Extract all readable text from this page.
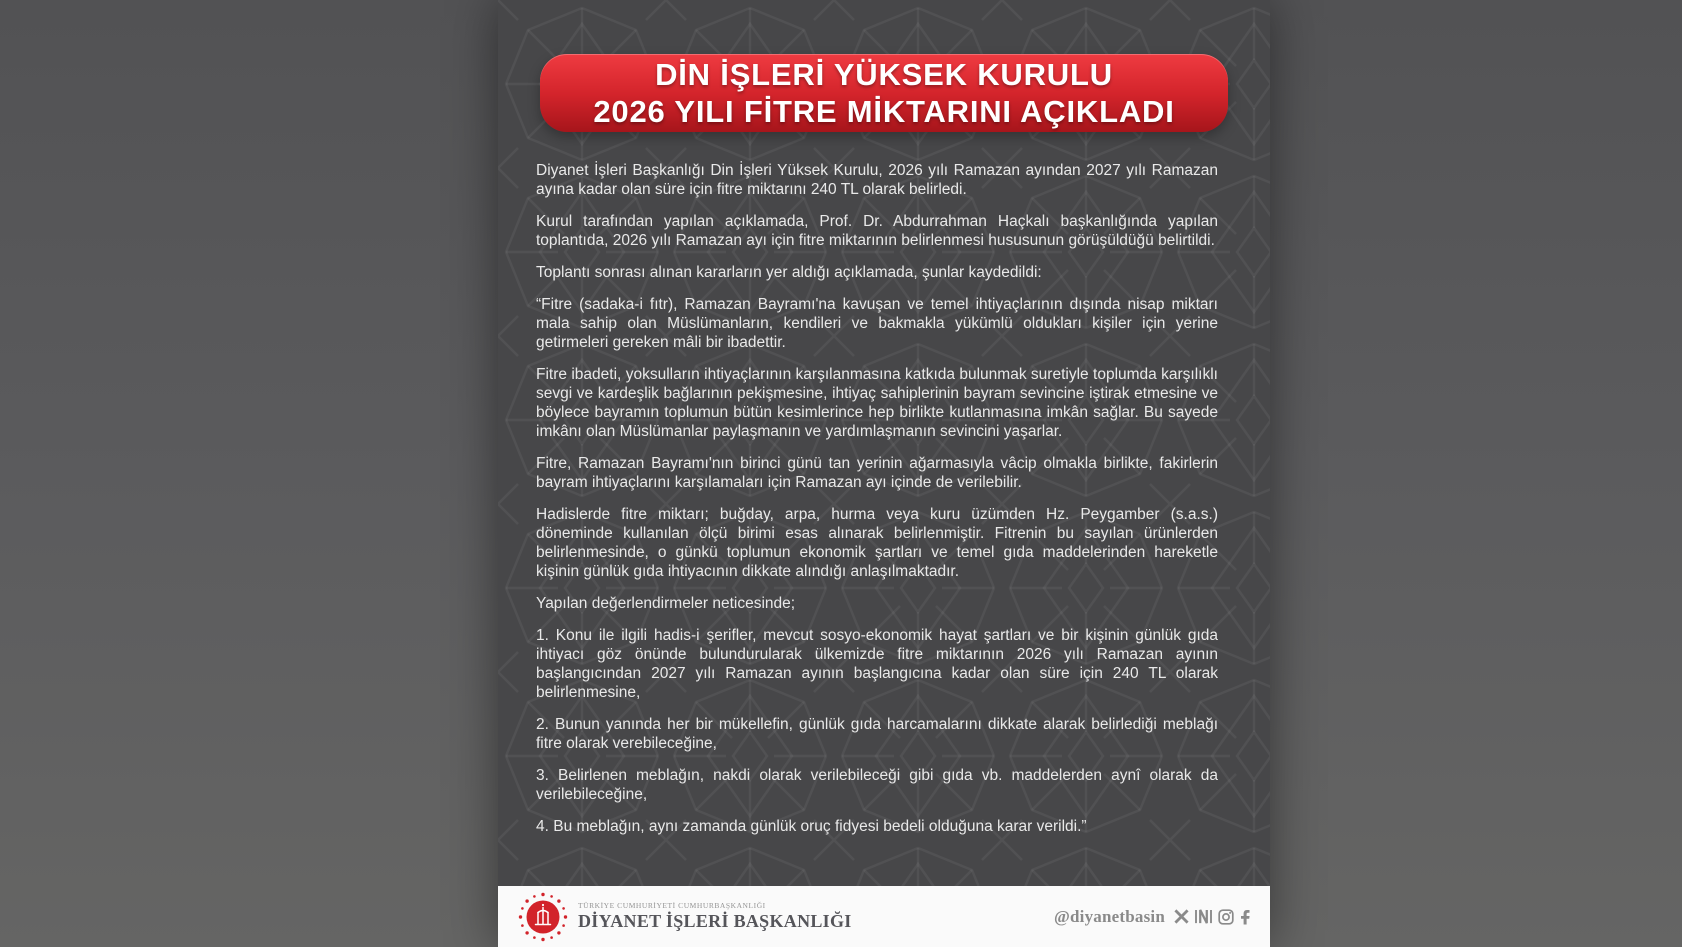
DİN İŞLERİ YÜKSEK KURULU
2026 YILI FİTRE MİKTARINI AÇIKLADI

Diyanet İşleri Başkanlığı Din İşleri Yüksek Kurulu, 2026 yılı Ramazan ayından 2027 yılı Ramazan ayına kadar olan süre için fitre miktarını 240 TL olarak belirledi.

Kurul tarafından yapılan açıklamada, Prof. Dr. Abdurrahman Haçkalı başkanlığında yapılan toplantıda, 2026 yılı Ramazan ayı için fitre miktarının belirlenmesi hususunun görüşüldüğü belirtildi.

Toplantı sonrası alınan kararların yer aldığı açıklamada, şunlar kaydedildi:

“Fitre (sadaka-i fıtr), Ramazan Bayramı'na kavuşan ve temel ihtiyaçlarının dışında nisap miktarı mala sahip olan Müslümanların, kendileri ve bakmakla yükümlü oldukları kişiler için yerine getirmeleri gereken mâli bir ibadettir.

Fitre ibadeti, yoksulların ihtiyaçlarının karşılanmasına katkıda bulunmak suretiyle toplumda karşılıklı sevgi ve kardeşlik bağlarının pekişmesine, ihtiyaç sahiplerinin bayram sevincine iştirak etmesine ve böylece bayramın toplumun bütün kesimlerince hep birlikte kutlanmasına imkân sağlar. Bu sayede imkânı olan Müslümanlar paylaşmanın ve yardımlaşmanın sevincini yaşarlar.

Fitre, Ramazan Bayramı'nın birinci günü tan yerinin ağarmasıyla vâcip olmakla birlikte, fakirlerin bayram ihtiyaçlarını karşılamaları için Ramazan ayı içinde de verilebilir.

Hadislerde fitre miktarı; buğday, arpa, hurma veya kuru üzümden Hz. Peygamber (s.a.s.) döneminde kullanılan ölçü birimi esas alınarak belirlenmiştir. Fitrenin bu sayılan ürünlerden belirlenmesinde, o günkü toplumun ekonomik şartları ve temel gıda maddelerinden hareketle kişinin günlük gıda ihtiyacının dikkate alındığı anlaşılmaktadır.

Yapılan değerlendirmeler neticesinde;

1. Konu ile ilgili hadis-i şerifler, mevcut sosyo-ekonomik hayat şartları ve bir kişinin günlük gıda ihtiyacı göz önünde bulundurularak ülkemizde fitre miktarının 2026 yılı Ramazan ayının başlangıcından 2027 yılı Ramazan ayının başlangıcına kadar olan süre için 240 TL olarak belirlenmesine,

2. Bunun yanında her bir mükellefin, günlük gıda harcamalarını dikkate alarak belirlediği meblağı fitre olarak verebileceğine,

3. Belirlenen meblağın, nakdi olarak verilebileceği gibi gıda vb. maddelerden aynî olarak da verilebileceğine,

4. Bu meblağın, aynı zamanda günlük oruç fidyesi bedeli olduğuna karar verildi.”

TÜRKİYE CUMHURİYETİ CUMHURBAŞKANLIĞI
DİYANET İŞLERİ BAŞKANLIĞI	@diyanetbasin
